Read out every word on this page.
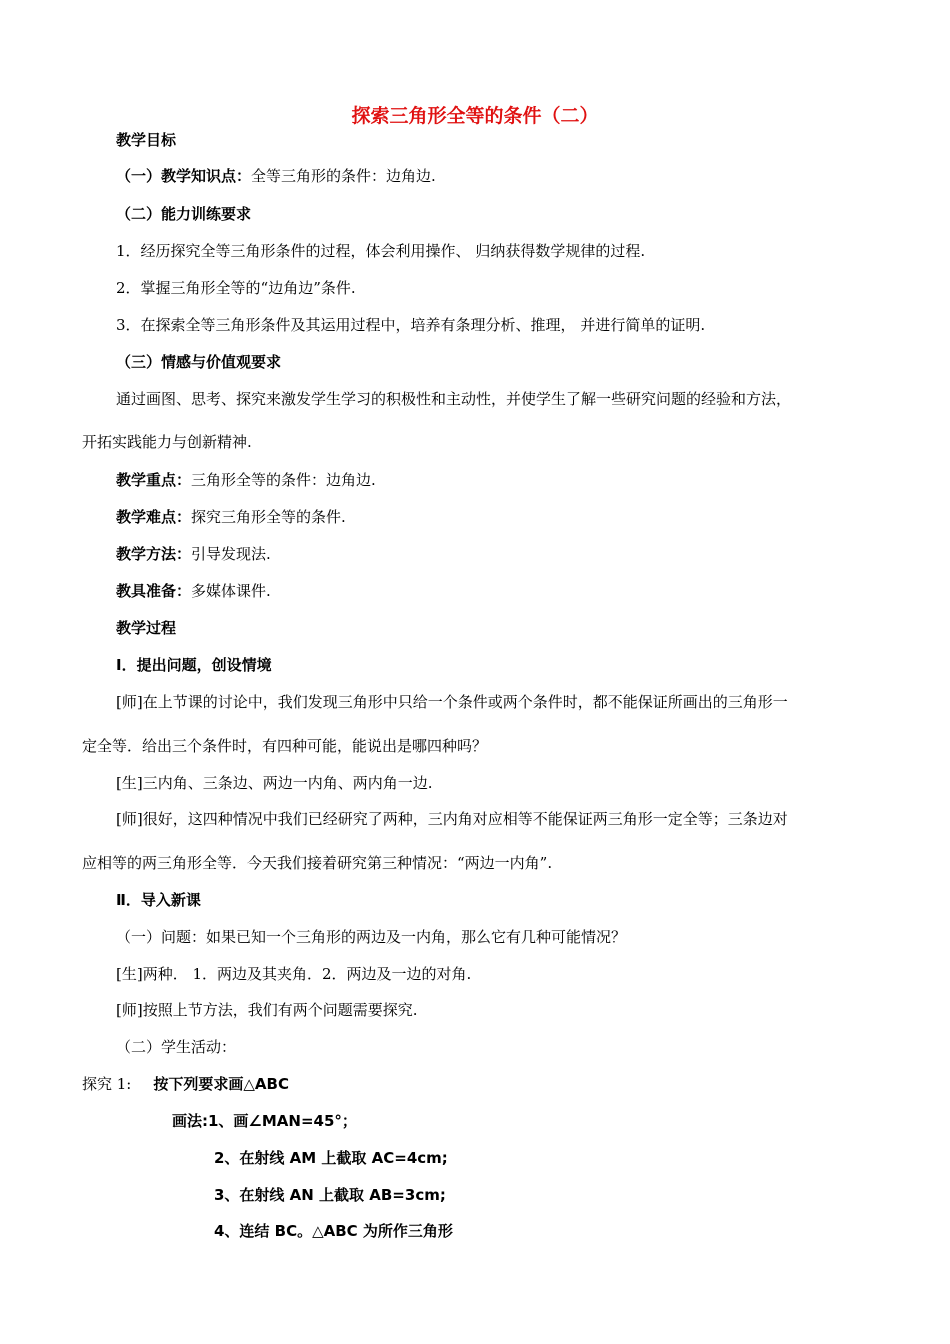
探索三角形全等的条件（二）
教学目标
（一）教学知识点：全等三角形的条件：边角边.
（二）能力训练要求
1．经历探究全等三角形条件的过程，体会利用操作、 归纳获得数学规律的过程.
2．掌握三角形全等的“边角边”条件.
3．在探索全等三角形条件及其运用过程中，培养有条理分析、推理， 并进行简单的证明.
（三）情感与价值观要求
通过画图、思考、探究来激发学生学习的积极性和主动性，并使学生了解一些研究问题的经验和方法，
开拓实践能力与创新精神.
教学重点：三角形全等的条件：边角边.
教学难点：探究三角形全等的条件.
教学方法：引导发现法.
教具准备：多媒体课件.
教学过程
Ⅰ．提出问题，创设情境
[师]在上节课的讨论中，我们发现三角形中只给一个条件或两个条件时，都不能保证所画出的三角形一
定全等．给出三个条件时，有四种可能，能说出是哪四种吗？
[生]三内角、三条边、两边一内角、两内角一边.
[师]很好，这四种情况中我们已经研究了两种，三内角对应相等不能保证两三角形一定全等；三条边对
应相等的两三角形全等．今天我们接着研究第三种情况：“两边一内角”.
Ⅱ．导入新课
（一）问题：如果已知一个三角形的两边及一内角，那么它有几种可能情况？
[生]两种． 1．两边及其夹角．2．两边及一边的对角.
[师]按照上节方法，我们有两个问题需要探究.
（二）学生活动：
探究 1: 按下列要求画△ABC
画法:1、画∠MAN=45°；
2、在射线 AM 上截取 AC=4cm;
3、在射线 AN 上截取 AB=3cm;
4、连结 BC。△ABC 为所作三角形
